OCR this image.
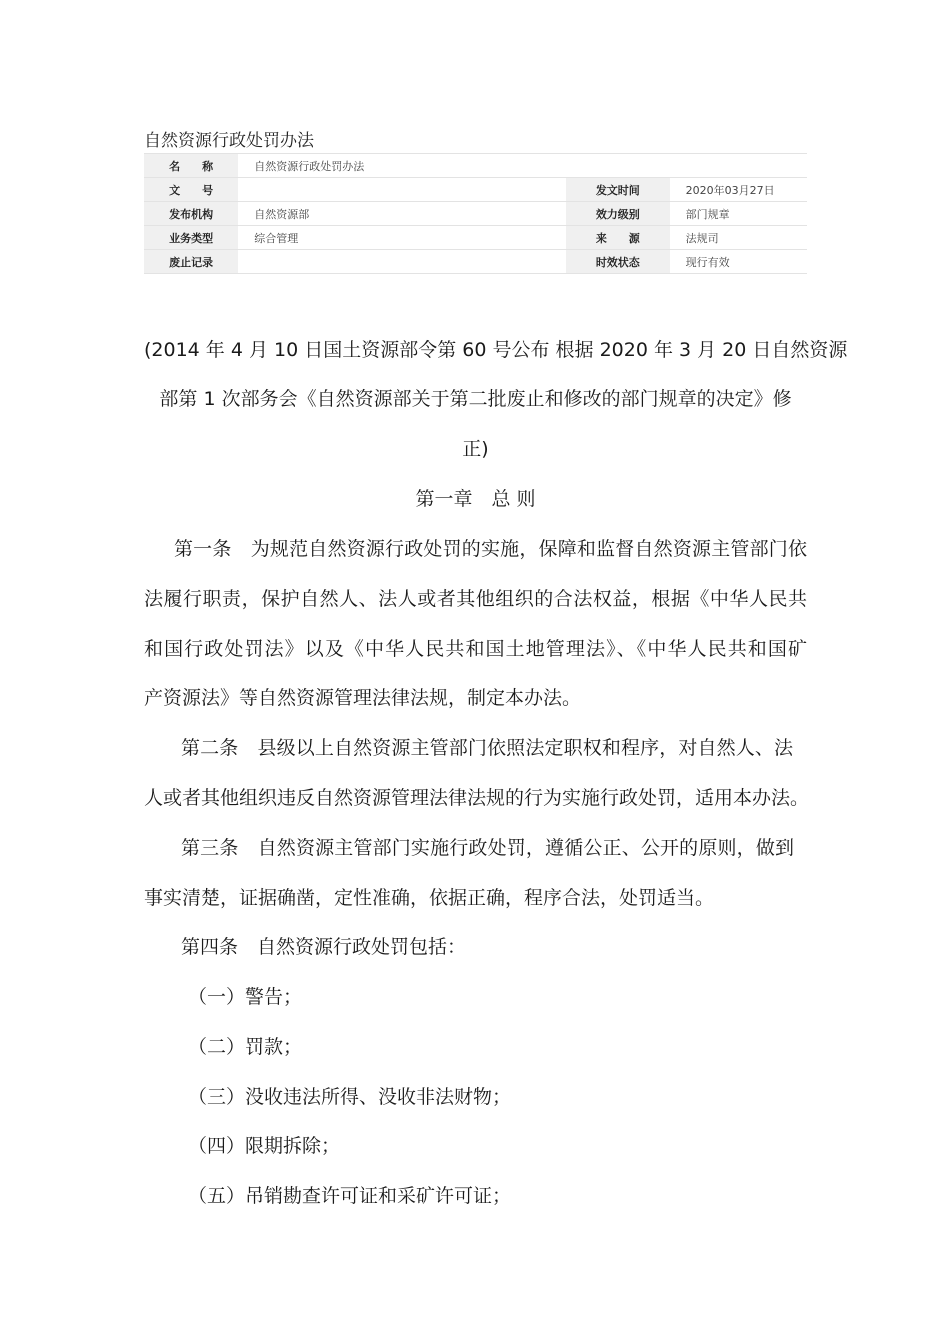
自然资源行政处罚办法
名　　称	自然资源行政处罚办法		
文　　号		发文时间	2020年03月27日
发布机构	自然资源部	效力级别	部门规章
业务类型	综合管理	来　　源	法规司
废止记录		时效状态	现行有效
(2014 年 4 月 10 日国土资源部令第 60 号公布 根据 2020 年 3 月 20 日自然资源
部第 1 次部务会《自然资源部关于第二批废止和修改的部门规章的决定》修
正)
第一章　总 则
第一条　为规范自然资源行政处罚的实施，保障和监督自然资源主管部门依
法履行职责，保护自然人、法人或者其他组织的合法权益，根据《中华人民共
和国行政处罚法》以及《中华人民共和国土地管理法》、《中华人民共和国矿
产资源法》等自然资源管理法律法规，制定本办法。
第二条　县级以上自然资源主管部门依照法定职权和程序，对自然人、法
人或者其他组织违反自然资源管理法律法规的行为实施行政处罚，适用本办法。
第三条　自然资源主管部门实施行政处罚，遵循公正、公开的原则，做到
事实清楚，证据确凿，定性准确，依据正确，程序合法，处罚适当。
第四条　自然资源行政处罚包括：
（一）警告；
（二）罚款；
（三）没收违法所得、没收非法财物；
（四）限期拆除；
（五）吊销勘查许可证和采矿许可证；
